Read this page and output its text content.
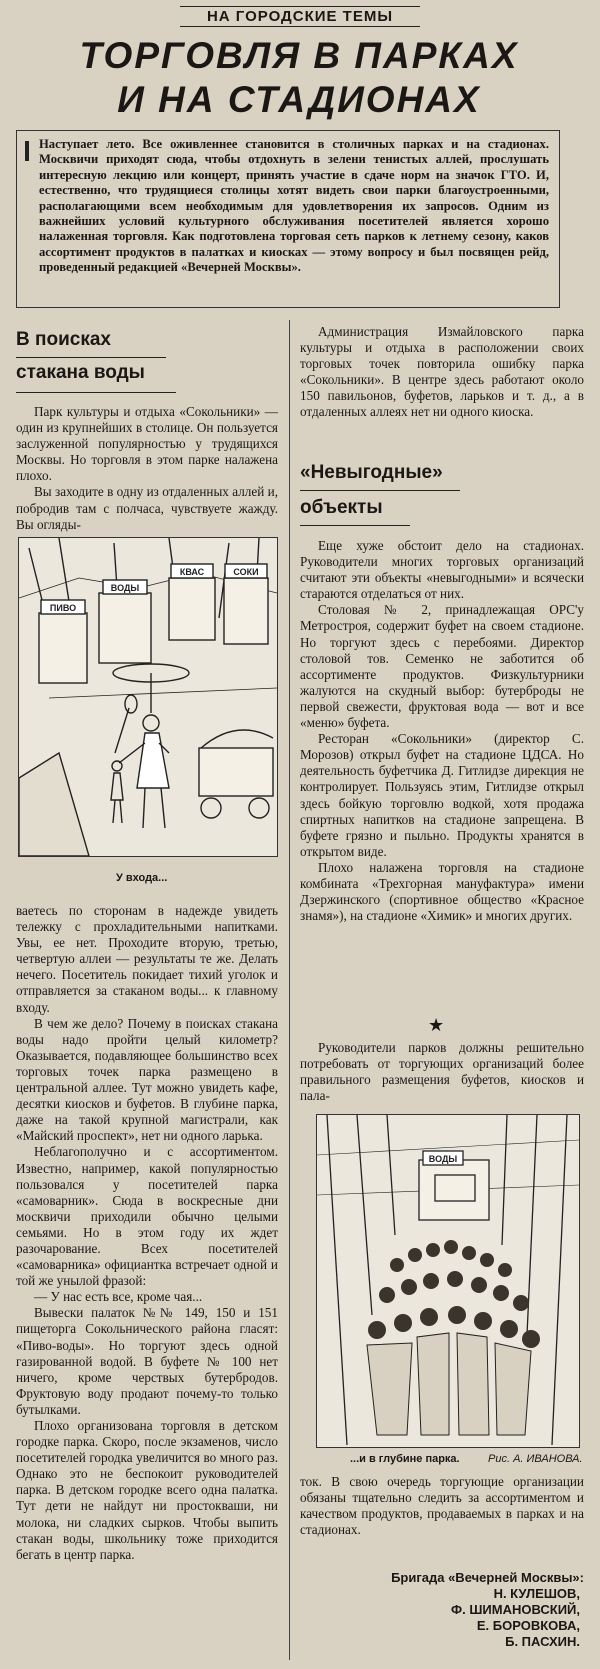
НА ГОРОДСКИЕ ТЕМЫ
ТОРГОВЛЯ В ПАРКАХ
И НА СТАДИОНАХ
Наступает лето. Все оживленнее становится в столичных парках и на стадионах. Москвичи приходят сюда, чтобы отдохнуть в зелени тенистых аллей, прослушать интересную лекцию или концерт, принять участие в сдаче норм на значок ГТО. И, естественно, что трудящиеся столицы хотят видеть свои парки благоустроенными, располагающими всем необходимым для удовлетворения их запросов. Одним из важнейших условий культурного обслуживания посетителей является хорошо налаженная торговля. Как подготовлена торговая сеть парков к летнему сезону, каков ассортимент продуктов в палатках и киосках — этому вопросу и был посвящен рейд, проведенный редакцией «Вечерней Москвы».
В поисках
стакана воды

Парк культуры и отдыха «Сокольники» — один из крупнейших в столице. Он пользуется заслуженной популярностью у трудящихся Москвы. Но торговля в этом парке налажена плохо.

Вы заходите в одну из отдаленных аллей и, побродив там с полчаса, чувствуете жажду. Вы огляды-

ВОДЫ
КВАС	СОКИ
ПИВО
У входа...

ваетесь по сторонам в надежде увидеть тележку с прохладительными напитками. Увы, ее нет. Проходите вторую, третью, четвертую аллеи — результаты те же. Делать нечего. Посетитель покидает тихий уголок и отправляется за стаканом воды... к главному входу.

В чем же дело? Почему в поисках стакана воды надо пройти целый километр? Оказывается, подавляющее большинство всех торговых точек парка размещено в центральной аллее. Тут можно увидеть кафе, десятки киосков и буфетов. В глубине парка, даже на такой крупной магистрали, как «Майский проспект», нет ни одного ларька.

Неблагополучно и с ассортиментом. Известно, например, какой популярностью пользовался у посетителей парка «самоварник». Сюда в воскресные дни москвичи приходили обычно целыми семьями. Но в этом году их ждет разочарование. Всех посетителей «самоварника» официантка встречает одной и той же унылой фразой:

— У нас есть все, кроме чая...

Вывески палаток №№ 149, 150 и 151 пищеторга Сокольнического района гласят: «Пиво-воды». Но торгуют здесь одной газированной водой. В буфете № 100 нет ничего, кроме черствых бутербродов. Фруктовую воду продают почему-то только бутылками.

Плохо организована торговля в детском городке парка. Скоро, после экзаменов, число посетителей городка увеличится во много раз. Однако это не беспокоит руководителей парка. В детском городке всего одна палатка. Тут дети не найдут ни простокваши, ни молока, ни сладких сырков. Чтобы выпить стакан воды, школьнику тоже приходится бегать в центр парка.

Администрация Измайловского парка культуры и отдыха в расположении своих торговых точек повторила ошибку парка «Сокольники». В центре здесь работают около 150 павильонов, буфетов, ларьков и т. д., а в отдаленных аллеях нет ни одного киоска.

«Невыгодные»
объекты

Еще хуже обстоит дело на стадионах. Руководители многих торговых организаций считают эти объекты «невыгодными» и всячески стараются отделаться от них.

Столовая № 2, принадлежащая ОРС'у Метростроя, содержит буфет на своем стадионе. Но торгуют здесь с перебоями. Директор столовой тов. Семенко не заботится об ассортименте продуктов. Физкультурники жалуются на скудный выбор: бутерброды не первой свежести, фруктовая вода — вот и все «меню» буфета.

Ресторан «Сокольники» (директор С. Морозов) открыл буфет на стадионе ЦДСА. Но деятельность буфетчика Д. Гитлидзе дирекция не контролирует. Пользуясь этим, Гитлидзе открыл здесь бойкую торговлю водкой, хотя продажа спиртных напитков на стадионе запрещена. В буфете грязно и пыльно. Продукты хранятся в открытом виде.

Плохо налажена торговля на стадионе комбината «Трехгорная мануфактура» имени Дзержинского (спортивное общество «Красное знамя»), на стадионе «Химик» и многих других.

★

Руководители парков должны решительно потребовать от торгующих организаций более правильного размещения буфетов, киосков и пала-

ВОДЫ
...и в глубине парка.	Рис. А. ИВАНОВА.

ток. В свою очередь торгующие организации обязаны тщательно следить за ассортиментом и качеством продуктов, продаваемых в парках и на стадионах.

Бригада «Вечерней Москвы»:
Н. КУЛЕШОВ,
Ф. ШИМАНОВСКИЙ,
Е. БОРОВКОВА,
Б. ПАСХИН.
